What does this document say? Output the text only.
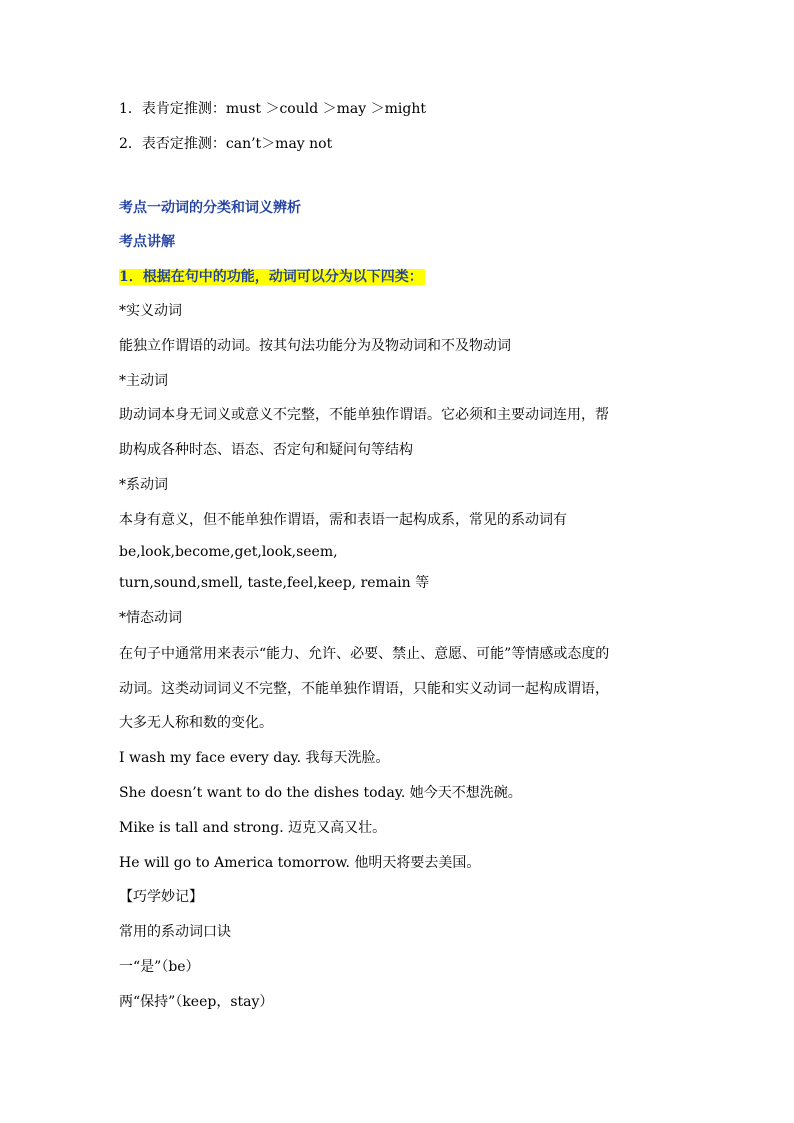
1．表肯定推测：must ＞could ＞may ＞might
2．表否定推测：can’t＞may not
考点一动词的分类和词义辨析
考点讲解
1．根据在句中的功能，动词可以分为以下四类：
*实义动词
能独立作谓语的动词。按其句法功能分为及物动词和不及物动词
*主动词
助动词本身无词义或意义不完整，不能单独作谓语。它必须和主要动词连用，帮
助构成各种时态、语态、否定句和疑问句等结构
*系动词
本身有意义，但不能单独作谓语，需和表语一起构成系，常见的系动词有
be,look,become,get,look,seem,
turn,sound,smell, taste,feel,keep, remain 等
*情态动词
在句子中通常用来表示“能力、允许、必要、禁止、意愿、可能”等情感或态度的
动词。这类动词词义不完整，不能单独作谓语，只能和实义动词一起构成谓语，
大多无人称和数的变化。
I wash my face every day. 我每天洗脸。
She doesn’t want to do the dishes today. 她今天不想洗碗。
Mike is tall and strong. 迈克又高又壮。
He will go to America tomorrow. 他明天将要去美国。
【巧学妙记】
常用的系动词口诀
一“是”（be）
两“保持”（keep，stay）
